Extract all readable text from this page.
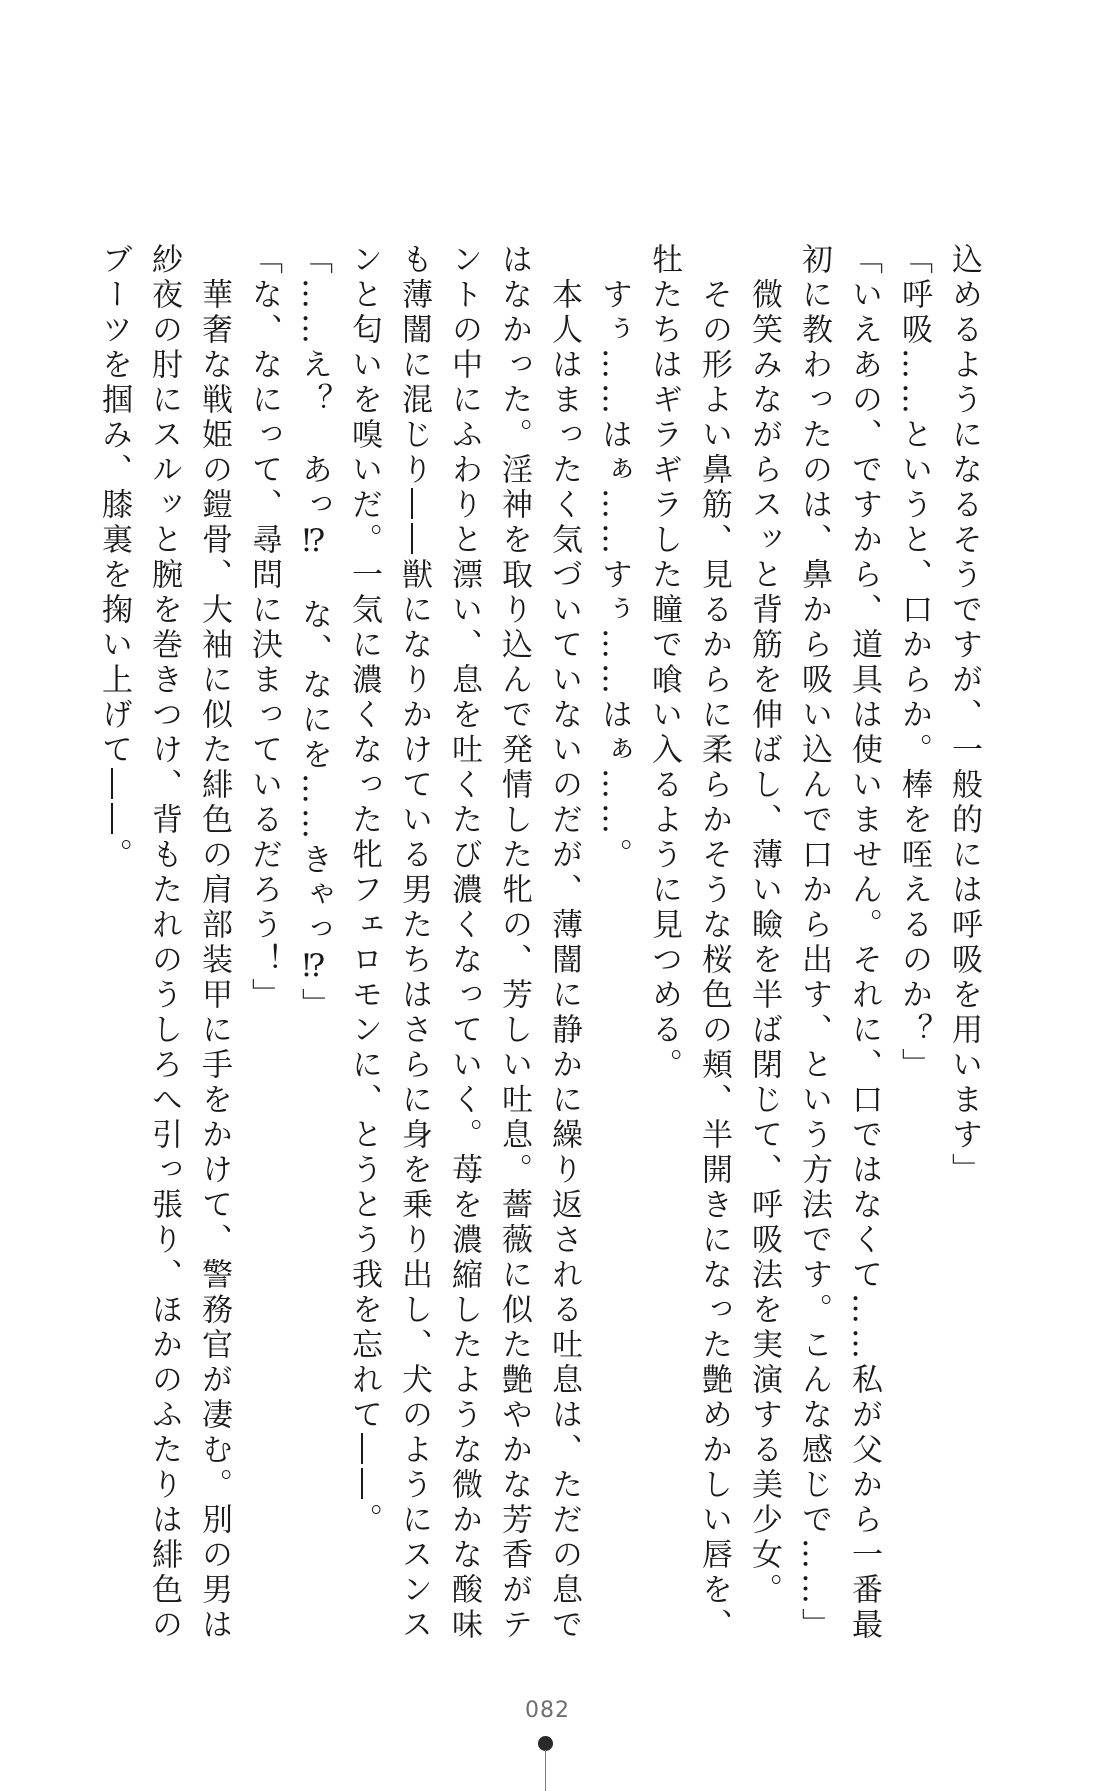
込めるようになるそうですが、一般的には呼吸を用います」

「呼吸……というと、口からか。棒を咥えるのか？」

「いえあの、ですから、道具は使いません。それに、口ではなくて……私が父から一番最

初に教わったのは、鼻から吸い込んで口から出す、という方法です。こんな感じで……」

　微笑みながらスッと背筋を伸ばし、薄い瞼を半ば閉じて、呼吸法を実演する美少女。

　その形よい鼻筋、見るからに柔らかそうな桜色の頬、半開きになった艶めかしい唇を、

牡たちはギラギラした瞳で喰い入るように見つめる。

　すぅ……はぁ……すぅ……はぁ……。

　本人はまったく気づいていないのだが、薄闇に静かに繰り返される吐息は、ただの息で

はなかった。淫神を取り込んで発情した牝の、芳しい吐息。薔薇に似た艶やかな芳香がテ

ントの中にふわりと漂い、息を吐くたび濃くなっていく。苺を濃縮したような微かな酸味

も薄闇に混じり――獣になりかけている男たちはさらに身を乗り出し、犬のようにスンス

ンと匂いを嗅いだ。一気に濃くなった牝フェロモンに、とうとう我を忘れて――。

「……え？　あっ⁉　な、なにを……きゃっ⁉」

「な、なにって、尋問に決まっているだろう！」

　華奢な戦姫の鎧骨、大袖に似た緋色の肩部装甲に手をかけて、警務官が凄む。別の男は

紗夜の肘にスルッと腕を巻きつけ、背もたれのうしろへ引っ張り、ほかのふたりは緋色の

ブーツを掴み、膝裏を掬い上げて――。

082
